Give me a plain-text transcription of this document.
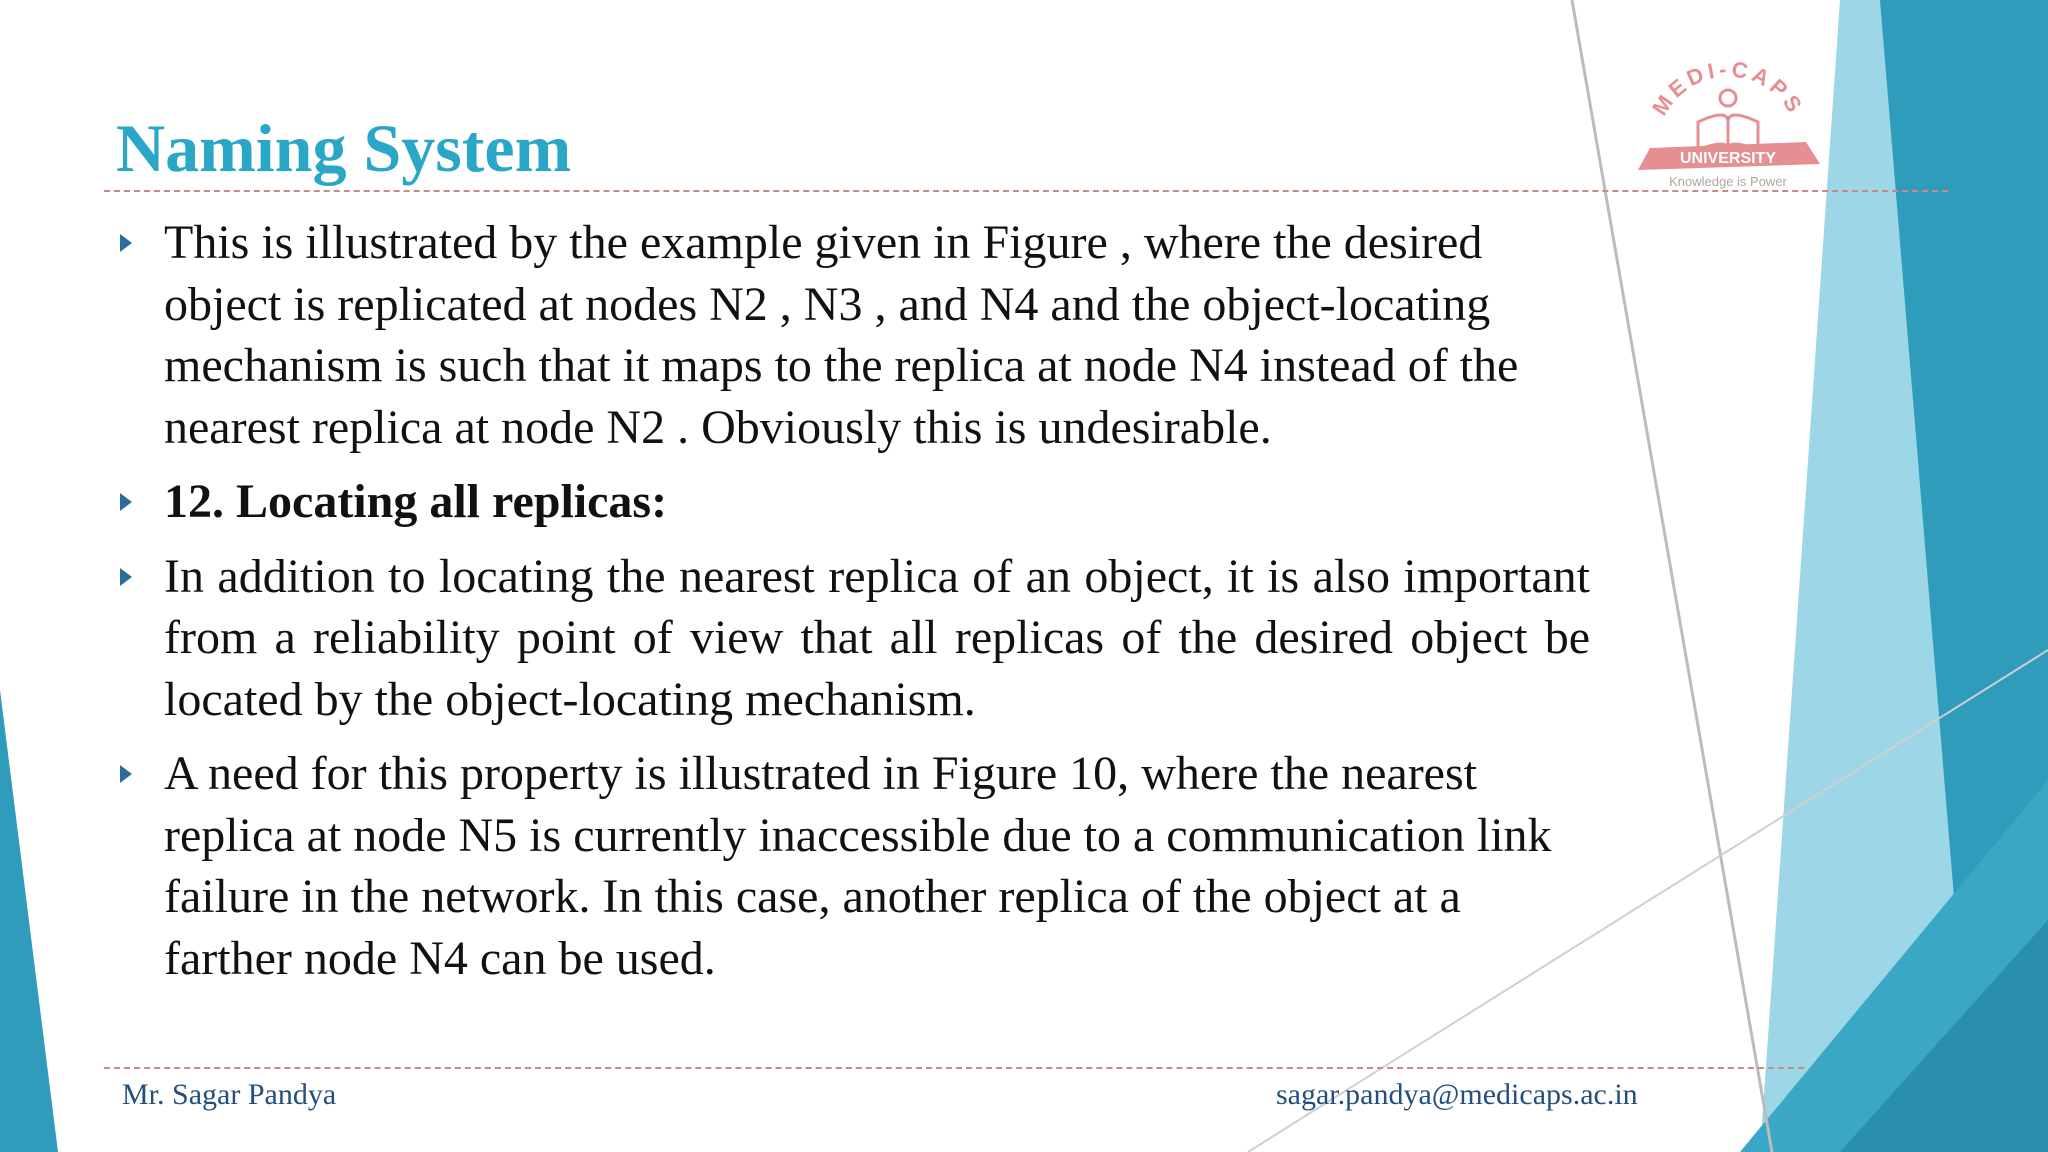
MEDI-CAPS
UNIVERSITY
Knowledge is Power
Naming System
This is illustrated by the example given in Figure , where the desired object is replicated at nodes N2 , N3 , and N4 and the object-locating mechanism is such that it maps to the replica at node N4 instead of the nearest replica at node N2 . Obviously this is undesirable.
12. Locating all replicas:
In addition to locating the nearest replica of an object, it is also important from a reliability point of view that all replicas of the desired object be located by the object-locating mechanism.
A need for this property is illustrated in Figure 10, where the nearest replica at node N5 is currently inaccessible due to a communication link failure in the network. In this case, another replica of the object at a farther node N4 can be used.
Mr. Sagar Pandya	sagar.pandya@medicaps.ac.in
